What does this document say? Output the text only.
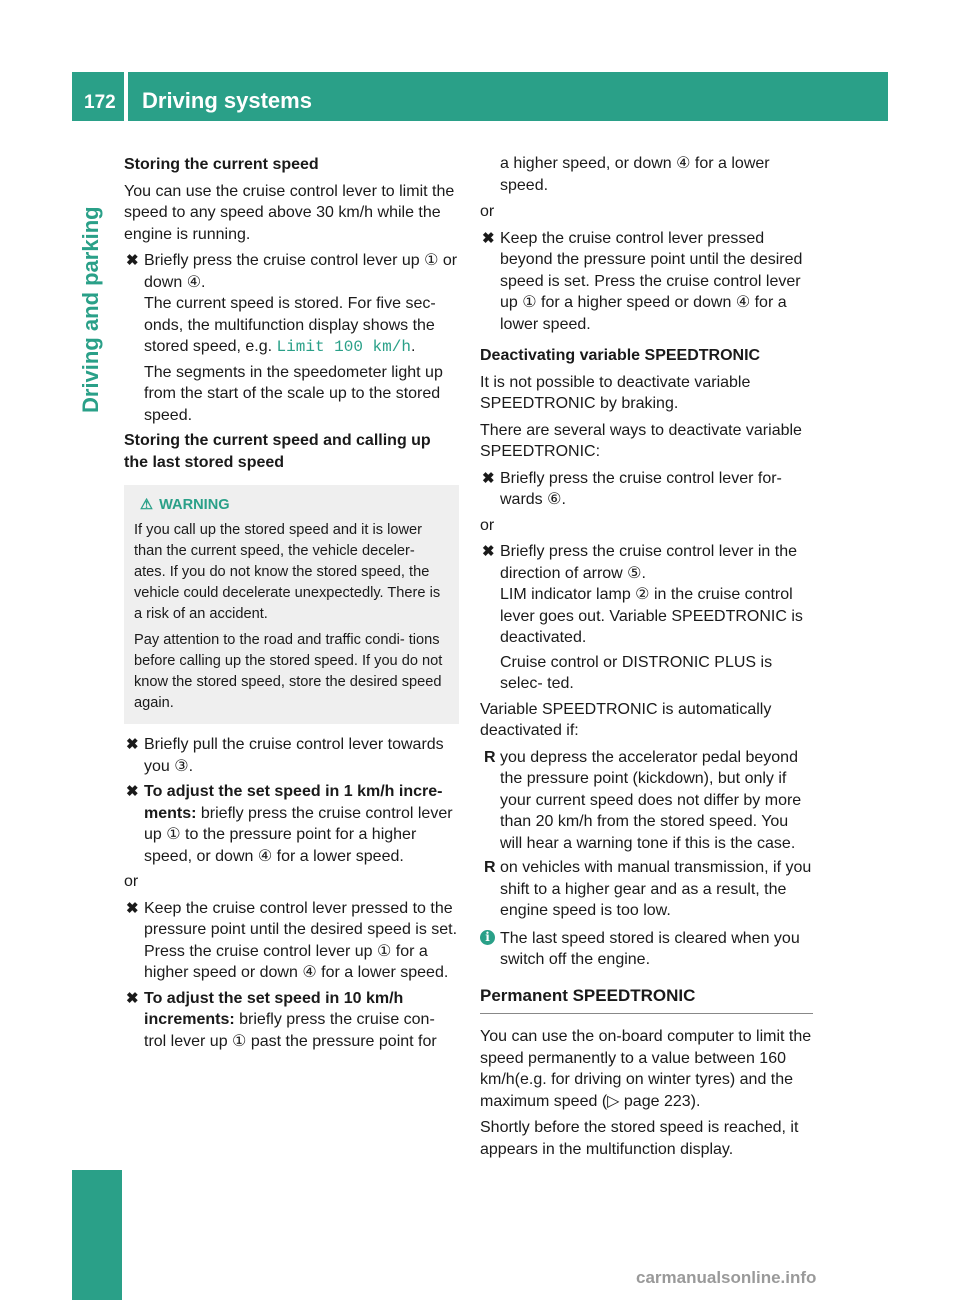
172 Driving systems
Driving and parking

Storing the current speed

You can use the cruise control lever to limit the speed to any speed above 30 km/h while the engine is running.

✖ Briefly press the cruise control lever up ① or down ④.
The current speed is stored. For five sec- onds, the multifunction display shows the stored speed, e.g. Limit 100 km/h.
The segments in the speedometer light up from the start of the scale up to the stored speed.

Storing the current speed and calling up the last stored speed

⚠ WARNING

If you call up the stored speed and it is lower than the current speed, the vehicle deceler- ates. If you do not know the stored speed, the vehicle could decelerate unexpectedly. There is a risk of an accident.

Pay attention to the road and traffic condi- tions before calling up the stored speed. If you do not know the stored speed, store the desired speed again.

✖ Briefly pull the cruise control lever towards you ③.
✖ To adjust the set speed in 1 km/h incre- ments: briefly press the cruise control lever up ① to the pressure point for a higher speed, or down ④ for a lower speed.

or

✖ Keep the cruise control lever pressed to the pressure point until the desired speed is set. Press the cruise control lever up ① for a higher speed or down ④ for a lower speed.
✖ To adjust the set speed in 10 km/h increments: briefly press the cruise con- trol lever up ① past the pressure point for

a higher speed, or down ④ for a lower speed.

or

✖ Keep the cruise control lever pressed beyond the pressure point until the desired speed is set. Press the cruise control lever up ① for a higher speed or down ④ for a lower speed.

Deactivating variable SPEEDTRONIC

It is not possible to deactivate variable SPEEDTRONIC by braking.

There are several ways to deactivate variable SPEEDTRONIC:

✖ Briefly press the cruise control lever for- wards ⑥.

or

✖ Briefly press the cruise control lever in the direction of arrow ⑤.
LIM indicator lamp ② in the cruise control lever goes out. Variable SPEEDTRONIC is deactivated.
Cruise control or DISTRONIC PLUS is selec- ted.

Variable SPEEDTRONIC is automatically deactivated if:

R you depress the accelerator pedal beyond the pressure point (kickdown), but only if your current speed does not differ by more than 20 km/h from the stored speed. You will hear a warning tone if this is the case.
R on vehicles with manual transmission, if you shift to a higher gear and as a result, the engine speed is too low.
i The last speed stored is cleared when you switch off the engine.
Permanent SPEEDTRONIC

You can use the on-board computer to limit the speed permanently to a value between 160 km/h(e.g. for driving on winter tyres) and the maximum speed (▷ page 223).

Shortly before the stored speed is reached, it appears in the multifunction display.

carmanualsonline.info
